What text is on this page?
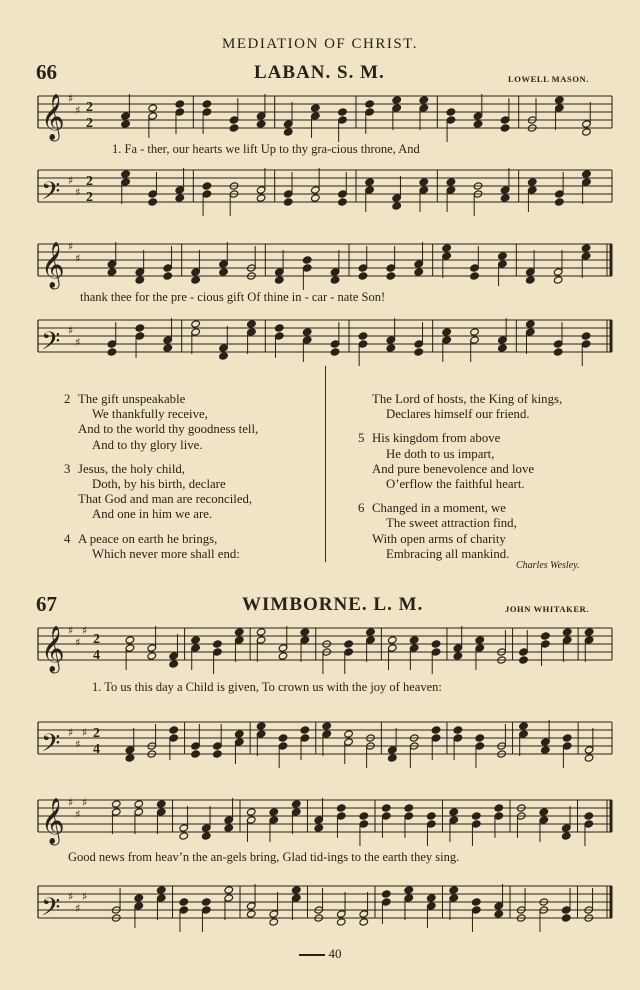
MEDIATION OF CHRIST.
66	LABAN. S. M.	LOWELL MASON.
𝄞 ♯
♯ 2
2
1. Fa - ther, our hearts we lift Up to thy gra-cious throne, And
𝄢 ♯
♯
2
2
𝄞 ♯
♯
thank thee for the pre - cious gift Of thine in - car - nate Son!
𝄢 ♯
♯
2 The gift unspeakable
We thankfully receive,
And to the world thy goodness tell,
And to thy glory live.
3 Jesus, the holy child,
Doth, by his birth, declare
That God and man are reconciled,
And one in him we are.
4 A peace on earth he brings,
Which never more shall end:
The Lord of hosts, the King of kings,
Declares himself our friend.
5 His kingdom from above
He doth to us impart,
And pure benevolence and love
O’erflow the faithful heart.
6 Changed in a moment, we
The sweet attraction find,
With open arms of charity
Embracing all mankind.
Charles Wesley.
67	WIMBORNE. L. M.	JOHN WHITAKER.
𝄞 ♯
♯
♯
2
4
1. To us this day a Child is given, To crown us with the joy of heaven:
𝄢 ♯
♯
♯ 2
4
𝄞 ♯
♯
♯
Good news from heav’n the an-gels bring, Glad tid-ings to the earth they sing.
𝄢 ♯
♯
♯
40
